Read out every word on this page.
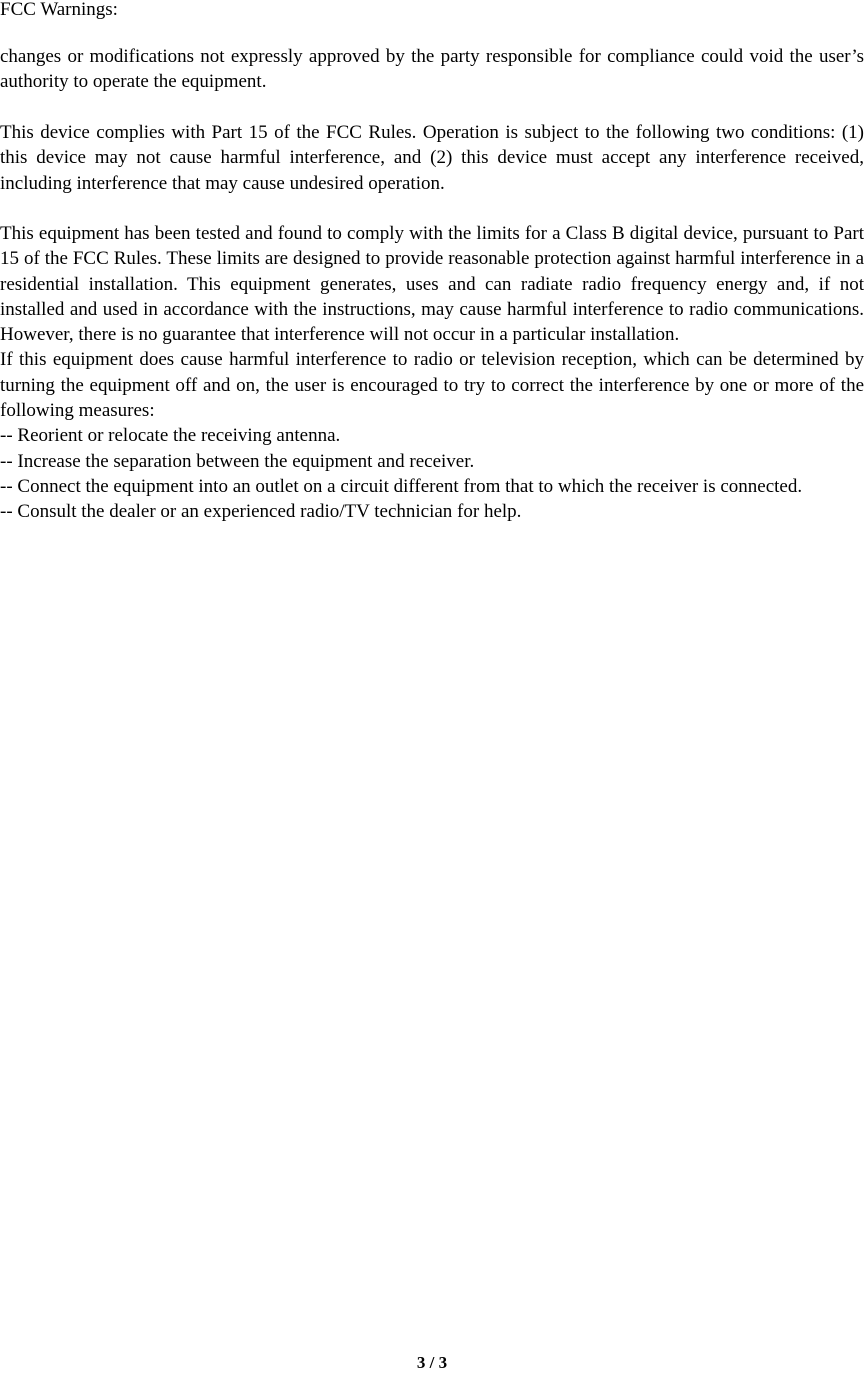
FCC Warnings:

changes or modifications not expressly approved by the party responsible for compliance could void the user’s authority to operate the equipment.

This device complies with Part 15 of the FCC Rules. Operation is subject to the following two conditions: (1) this device may not cause harmful interference, and (2) this device must accept any interference received, including interference that may cause undesired operation.

This equipment has been tested and found to comply with the limits for a Class B digital device, pursuant to Part 15 of the FCC Rules. These limits are designed to provide reasonable protection against harmful interference in a residential installation. This equipment generates, uses and can radiate radio frequency energy and, if not installed and used in accordance with the instructions, may cause harmful interference to radio communications. However, there is no guarantee that interference will not occur in a particular installation.

If this equipment does cause harmful interference to radio or television reception, which can be determined by turning the equipment off and on, the user is encouraged to try to correct the interference by one or more of the following measures:

-- Reorient or relocate the receiving antenna.

-- Increase the separation between the equipment and receiver.

-- Connect the equipment into an outlet on a circuit different from that to which the receiver is connected.

-- Consult the dealer or an experienced radio/TV technician for help.

3 / 3
